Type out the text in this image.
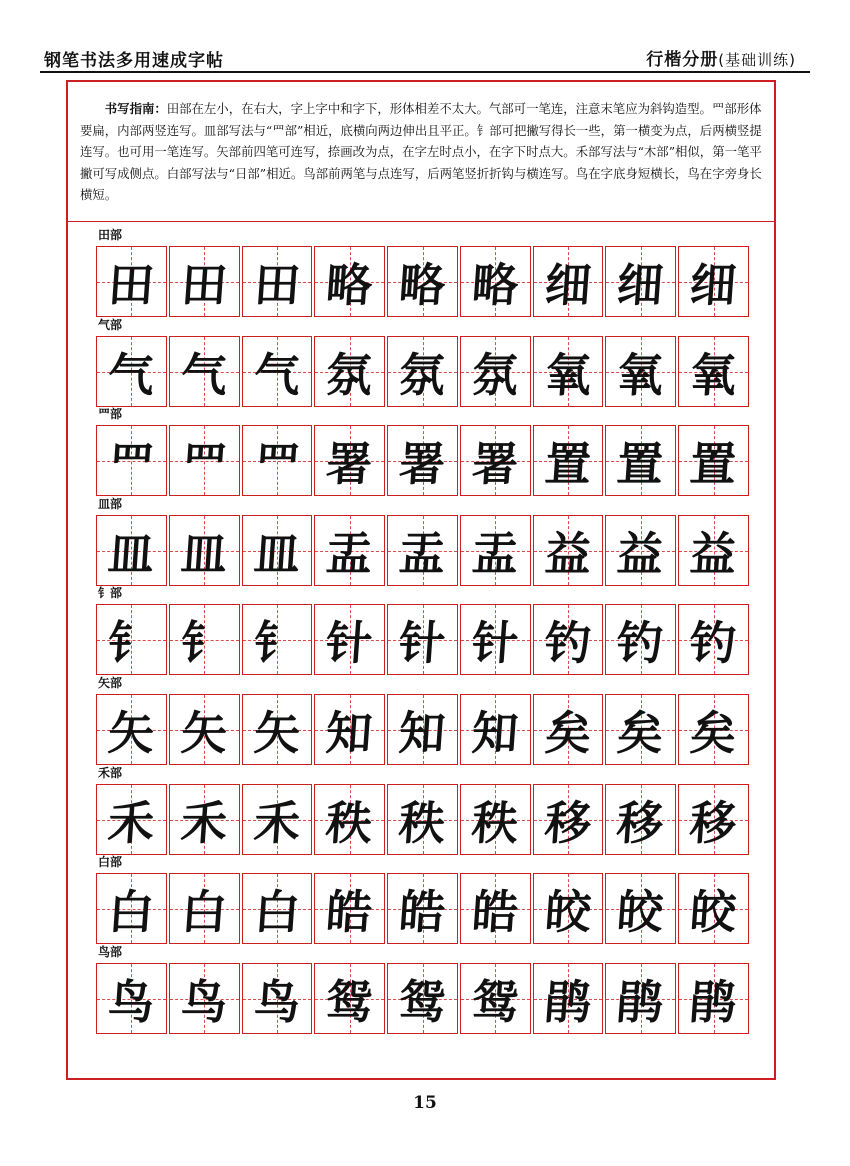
钢笔书法多用速成字帖	行楷分册(基础训练)
书写指南：田部在左小，在右大，字上字中和字下，形体相差不太大。气部可一笔连，注意末笔应为斜钩造型。罒部形体要扁，内部两竖连写。皿部写法与“罒部”相近，底横向两边伸出且平正。钅部可把撇写得长一些，第一横变为点，后两横竖提连写。也可用一笔连写。矢部前四笔可连写，捺画改为点，在字左时点小，在字下时点大。禾部写法与“木部”相似，第一笔平撇可写成侧点。白部写法与“日部”相近。鸟部前两笔与点连写，后两笔竖折折钩与横连写。鸟在字底身短横长，鸟在字旁身长横短。
田部
田 田 田 略 略 略 细 细 细
气部
气 气 气 氛 氛 氛 氧 氧 氧
罒部
罒 罒 罒 署 署 署 置 置 置
皿部
皿 皿 皿 盂 盂 盂 益 益 益
钅部
钅 钅 钅 针 针 针 钓 钓 钓
矢部
矢 矢 矢 知 知 知 矣 矣 矣
禾部
禾 禾 禾 秩 秩 秩 移 移 移
白部
白 白 白 皓 皓 皓 皎 皎 皎
鸟部
鸟 鸟 鸟 鸳 鸳 鸳 鹃 鹃 鹃
15
